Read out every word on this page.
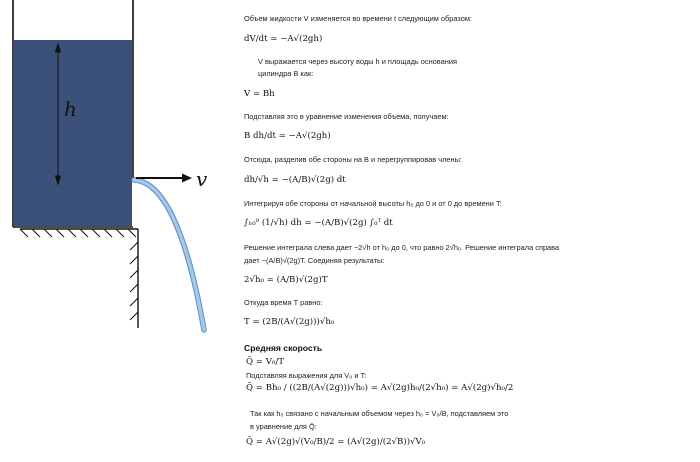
h
v
Объем жидкости V изменяется во времени t следующим образом:
dV/dt = −A√(2gh)
V выражается через высоту воды h и площадь основания
цилиндра B как:
V = Bh
Подставляя это в уравнение изменения объема, получаем:
B dh/dt = −A√(2gh)
Отсюда, разделив обе стороны на B и перегруппировав члены:
dh/√h = −(A/B)√(2g) dt
Интегрируя обе стороны от начальной высоты h₀ до 0 и от 0 до времени T:
∫ₕ₀⁰ (1/√h) dh = −(A/B)√(2g) ∫₀ᵀ dt
Решение интеграла слева дает −2√h от h₀ до 0, что равно 2√h₀. Решение интеграла справа
дает −(A/B)√(2g)T. Соединяя результаты:
2√h₀ = (A/B)√(2g)T
Откуда время T равно:
T = (2B/(A√(2g)))√h₀
Средняя скорость
Q̄ = V₀/T
Подставляя выражения для V₀ и T:
Q̄ = Bh₀ / ((2B/(A√(2g)))√h₀) = A√(2g)h₀/(2√h₀) = A√(2g)√h₀/2
Так как h₀ связано с начальным объемом через h₀ = V₀/B, подставляем это
в уравнение для Q̄:
Q̄ = A√(2g)√(V₀/B)/2 = (A√(2g)/(2√B))√V₀
